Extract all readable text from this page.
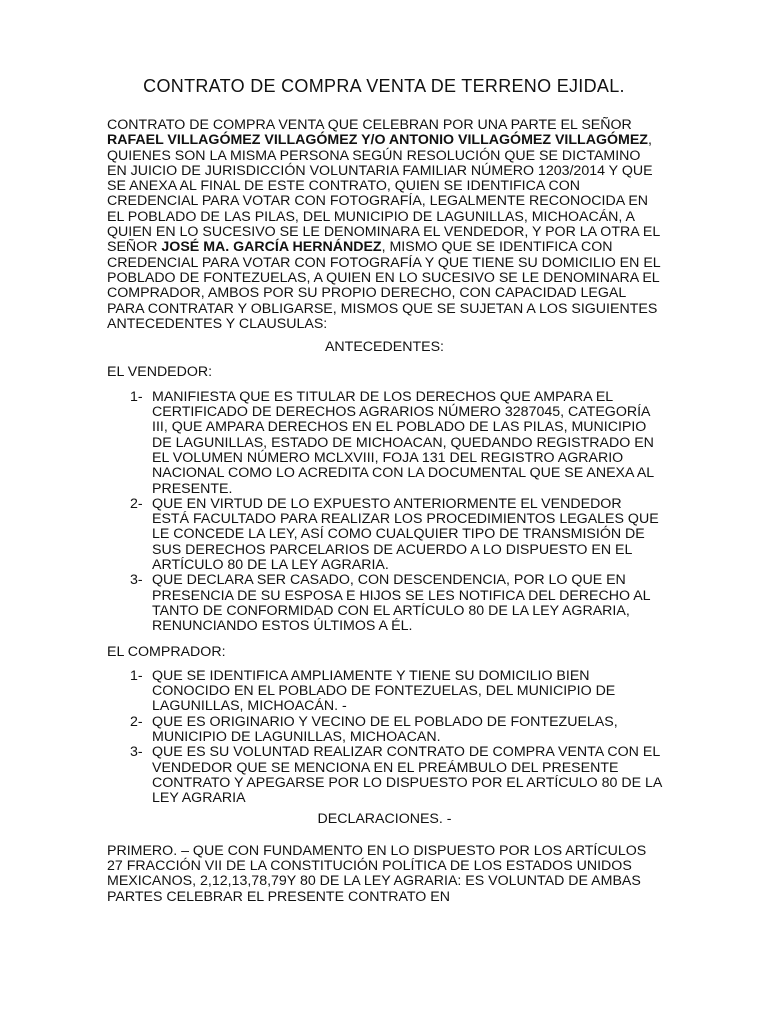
CONTRATO DE COMPRA VENTA DE TERRENO EJIDAL.

CONTRATO DE COMPRA VENTA QUE CELEBRAN POR UNA PARTE EL SEÑOR RAFAEL VILLAGÓMEZ VILLAGÓMEZ Y/O ANTONIO VILLAGÓMEZ VILLAGÓMEZ, QUIENES SON LA MISMA PERSONA SEGÚN RESOLUCIÓN QUE SE DICTAMINO EN JUICIO DE JURISDICCIÓN VOLUNTARIA FAMILIAR NÚMERO 1203/2014 Y QUE SE ANEXA AL FINAL DE ESTE CONTRATO, QUIEN SE IDENTIFICA CON CREDENCIAL PARA VOTAR CON FOTOGRAFÍA, LEGALMENTE RECONOCIDA EN EL POBLADO DE LAS PILAS, DEL MUNICIPIO DE LAGUNILLAS, MICHOACÁN, A QUIEN EN LO SUCESIVO SE LE DENOMINARA EL VENDEDOR, Y POR LA OTRA EL SEÑOR JOSÉ MA. GARCÍA HERNÁNDEZ, MISMO QUE SE IDENTIFICA CON CREDENCIAL PARA VOTAR CON FOTOGRAFÍA Y QUE TIENE SU DOMICILIO EN EL POBLADO DE FONTEZUELAS, A QUIEN EN LO SUCESIVO SE LE DENOMINARA EL COMPRADOR, AMBOS POR SU PROPIO DERECHO, CON CAPACIDAD LEGAL PARA CONTRATAR Y OBLIGARSE, MISMOS QUE SE SUJETAN A LOS SIGUIENTES ANTECEDENTES Y CLAUSULAS:

ANTECEDENTES:
EL VENDEDOR:
1- MANIFIESTA QUE ES TITULAR DE LOS DERECHOS QUE AMPARA EL CERTIFICADO DE DERECHOS AGRARIOS NÚMERO 3287045, CATEGORÍA III, QUE AMPARA DERECHOS EN EL POBLADO DE LAS PILAS, MUNICIPIO DE LAGUNILLAS, ESTADO DE MICHOACAN, QUEDANDO REGISTRADO EN EL VOLUMEN NÚMERO MCLXVIII, FOJA 131 DEL REGISTRO AGRARIO NACIONAL COMO LO ACREDITA CON LA DOCUMENTAL QUE SE ANEXA AL PRESENTE.
2- QUE EN VIRTUD DE LO EXPUESTO ANTERIORMENTE EL VENDEDOR ESTÁ FACULTADO PARA REALIZAR LOS PROCEDIMIENTOS LEGALES QUE LE CONCEDE LA LEY, ASÍ COMO CUALQUIER TIPO DE TRANSMISIÓN DE SUS DERECHOS PARCELARIOS DE ACUERDO A LO DISPUESTO EN EL ARTÍCULO 80 DE LA LEY AGRARIA.
3- QUE DECLARA SER CASADO, CON DESCENDENCIA, POR LO QUE EN PRESENCIA DE SU ESPOSA E HIJOS SE LES NOTIFICA DEL DERECHO AL TANTO DE CONFORMIDAD CON EL ARTÍCULO 80 DE LA LEY AGRARIA, RENUNCIANDO ESTOS ÚLTIMOS A ÉL.
EL COMPRADOR:
1- QUE SE IDENTIFICA AMPLIAMENTE Y TIENE SU DOMICILIO BIEN CONOCIDO EN EL POBLADO DE FONTEZUELAS, DEL MUNICIPIO DE LAGUNILLAS, MICHOACÁN. -
2- QUE ES ORIGINARIO Y VECINO DE EL POBLADO DE FONTEZUELAS, MUNICIPIO DE LAGUNILLAS, MICHOACAN.
3- QUE ES SU VOLUNTAD REALIZAR CONTRATO DE COMPRA VENTA CON EL VENDEDOR QUE SE MENCIONA EN EL PREÁMBULO DEL PRESENTE CONTRATO Y APEGARSE POR LO DISPUESTO POR EL ARTÍCULO 80 DE LA LEY AGRARIA
DECLARACIONES. -

PRIMERO. – QUE CON FUNDAMENTO EN LO DISPUESTO POR LOS ARTÍCULOS 27 FRACCIÓN VII DE LA CONSTITUCIÓN POLÍTICA DE LOS ESTADOS UNIDOS MEXICANOS, 2,12,13,78,79Y 80 DE LA LEY AGRARIA: ES VOLUNTAD DE AMBAS PARTES CELEBRAR EL PRESENTE CONTRATO EN
